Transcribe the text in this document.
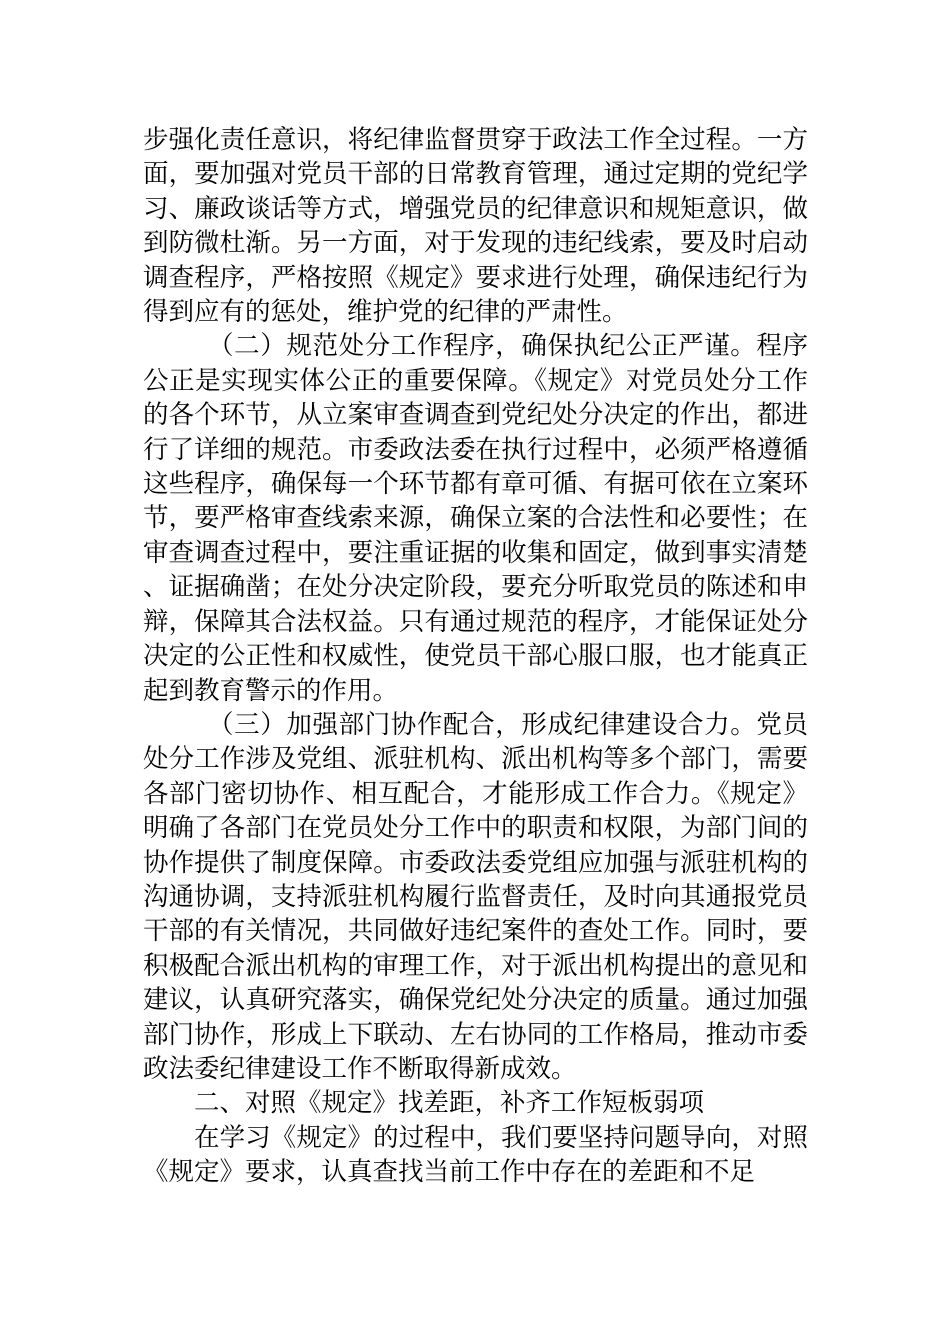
步强化责任意识，将纪律监督贯穿于政法工作全过程。一方面，要加强对党员干部的日常教育管理，通过定期的党纪学习、廉政谈话等方式，增强党员的纪律意识和规矩意识，做到防微杜渐。另一方面，对于发现的违纪线索，要及时启动调查程序，严格按照《规定》要求进行处理，确保违纪行为得到应有的惩处，维护党的纪律的严肃性。

（二）规范处分工作程序，确保执纪公正严谨。程序公正是实现实体公正的重要保障。《规定》对党员处分工作的各个环节，从立案审查调查到党纪处分决定的作出，都进行了详细的规范。市委政法委在执行过程中，必须严格遵循这些程序，确保每一个环节都有章可循、有据可依在立案环节，要严格审查线索来源，确保立案的合法性和必要性；在审查调查过程中，要注重证据的收集和固定，做到事实清楚、证据确凿；在处分决定阶段，要充分听取党员的陈述和申辩，保障其合法权益。只有通过规范的程序，才能保证处分决定的公正性和权威性，使党员干部心服口服，也才能真正起到教育警示的作用。

（三）加强部门协作配合，形成纪律建设合力。党员处分工作涉及党组、派驻机构、派出机构等多个部门，需要各部门密切协作、相互配合，才能形成工作合力。《规定》明确了各部门在党员处分工作中的职责和权限，为部门间的协作提供了制度保障。市委政法委党组应加强与派驻机构的沟通协调，支持派驻机构履行监督责任，及时向其通报党员干部的有关情况，共同做好违纪案件的查处工作。同时，要积极配合派出机构的审理工作，对于派出机构提出的意见和建议，认真研究落实，确保党纪处分决定的质量。通过加强部门协作，形成上下联动、左右协同的工作格局，推动市委政法委纪律建设工作不断取得新成效。

二、对照《规定》找差距，补齐工作短板弱项

在学习《规定》的过程中，我们要坚持问题导向，对照《规定》要求，认真查找当前工作中存在的差距和不足
